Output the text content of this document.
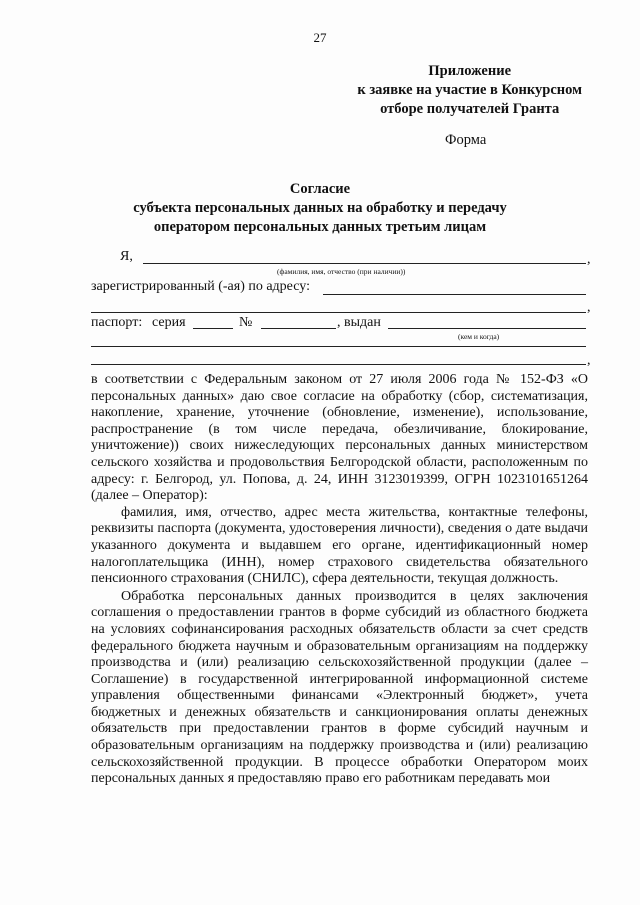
27
Приложение
к заявке на участие в Конкурсном
отборе получателей Гранта
Форма
Согласие
субъекта персональных данных на обработку и передачу
оператором персональных данных третьим лицам
Я,	,
(фамилия, имя, отчество (при наличии))
зарегистрированный (-ая) по адресу:
,
паспорт: серия	№	, выдан
(кем и когда)
,

в соответствии с Федеральным законом от 27 июля 2006 года № 152-ФЗ «О персональных данных» даю свое согласие на обработку (сбор, систематизация, накопление, хранение, уточнение (обновление, изменение), использование, распространение (в том числе передача, обезличивание, блокирование, уничтожение)) своих нижеследующих персональных данных министерством сельского хозяйства и продовольствия Белгородской области, расположенным по адресу: г. Белгород, ул. Попова, д. 24, ИНН 3123019399, ОГРН 1023101651264 (далее – Оператор):

фамилия, имя, отчество, адрес места жительства, контактные телефоны, реквизиты паспорта (документа, удостоверения личности), сведения о дате выдачи указанного документа и выдавшем его органе, идентификационный номер налогоплательщика (ИНН), номер страхового свидетельства обязательного пенсионного страхования (СНИЛС), сфера деятельности, текущая должность.

Обработка персональных данных производится в целях заключения соглашения о предоставлении грантов в форме субсидий из областного бюджета на условиях софинансирования расходных обязательств области за счет средств федерального бюджета научным и образовательным организациям на поддержку производства и (или) реализацию сельскохозяйственной продукции (далее – Соглашение) в государственной интегрированной информационной системе управления общественными финансами «Электронный бюджет», учета бюджетных и денежных обязательств и санкционирования оплаты денежных обязательств при предоставлении грантов в форме субсидий научным и образовательным организациям на поддержку производства и (или) реализацию сельскохозяйственной продукции. В процессе обработки Оператором моих персональных данных я предоставляю право его работникам передавать мои
